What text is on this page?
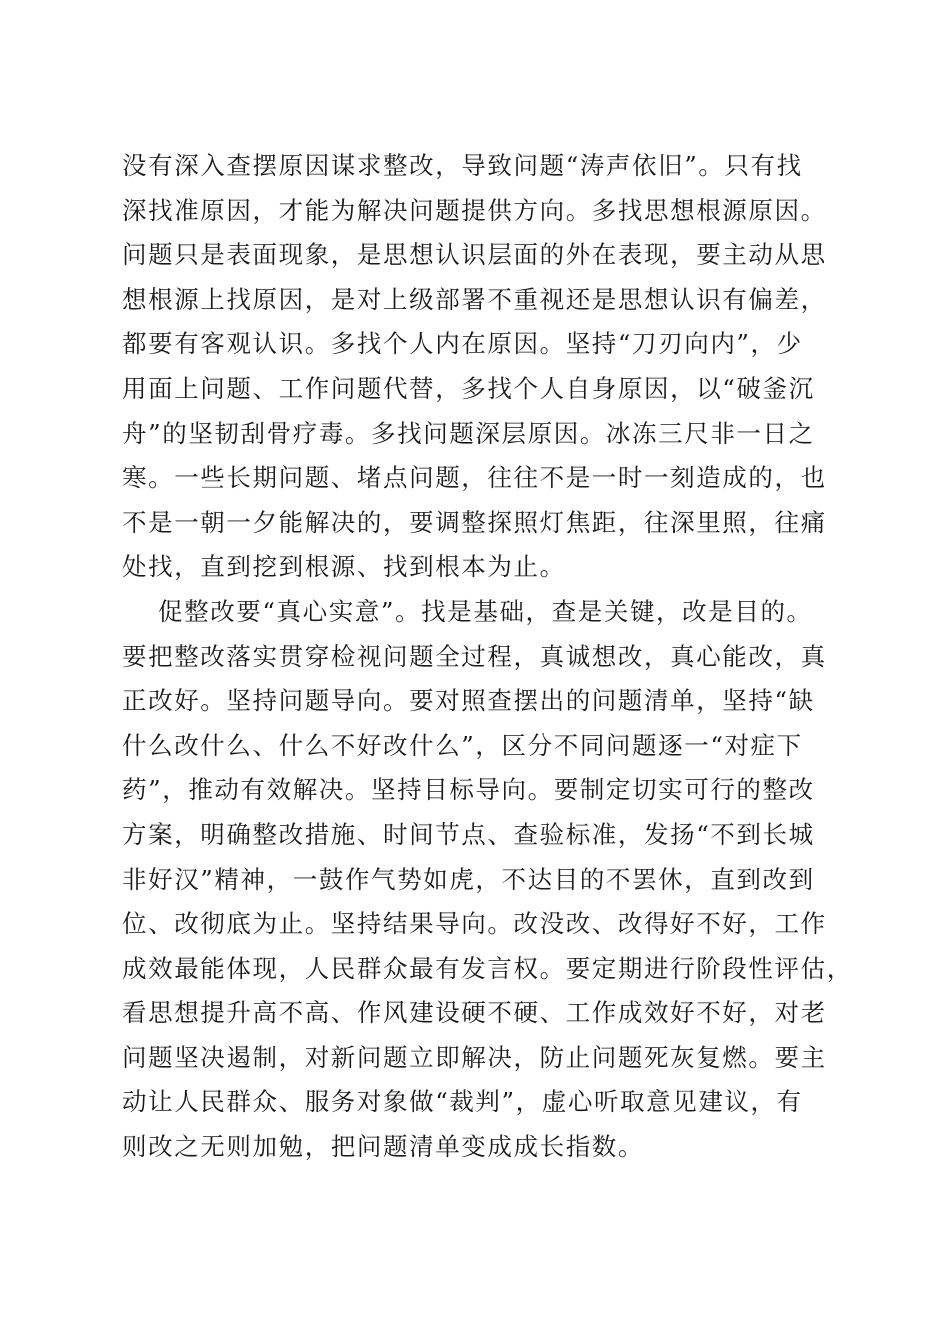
没有深入查摆原因谋求整改，导致问题“涛声依旧”。只有找
深找准原因，才能为解决问题提供方向。多找思想根源原因。
问题只是表面现象，是思想认识层面的外在表现，要主动从思
想根源上找原因，是对上级部署不重视还是思想认识有偏差，
都要有客观认识。多找个人内在原因。坚持“刀刃向内”，少
用面上问题、工作问题代替，多找个人自身原因，以“破釜沉
舟”的坚韧刮骨疗毒。多找问题深层原因。冰冻三尺非一日之
寒。一些长期问题、堵点问题，往往不是一时一刻造成的，也
不是一朝一夕能解决的，要调整探照灯焦距，往深里照，往痛
处找，直到挖到根源、找到根本为止。
促整改要“真心实意”。找是基础，查是关键，改是目的。
要把整改落实贯穿检视问题全过程，真诚想改，真心能改，真
正改好。坚持问题导向。要对照查摆出的问题清单，坚持“缺
什么改什么、什么不好改什么”，区分不同问题逐一“对症下
药”，推动有效解决。坚持目标导向。要制定切实可行的整改
方案，明确整改措施、时间节点、查验标准，发扬“不到长城
非好汉”精神，一鼓作气势如虎，不达目的不罢休，直到改到
位、改彻底为止。坚持结果导向。改没改、改得好不好，工作
成效最能体现，人民群众最有发言权。要定期进行阶段性评估，
看思想提升高不高、作风建设硬不硬、工作成效好不好，对老
问题坚决遏制，对新问题立即解决，防止问题死灰复燃。要主
动让人民群众、服务对象做“裁判”，虚心听取意见建议，有
则改之无则加勉，把问题清单变成成长指数。
